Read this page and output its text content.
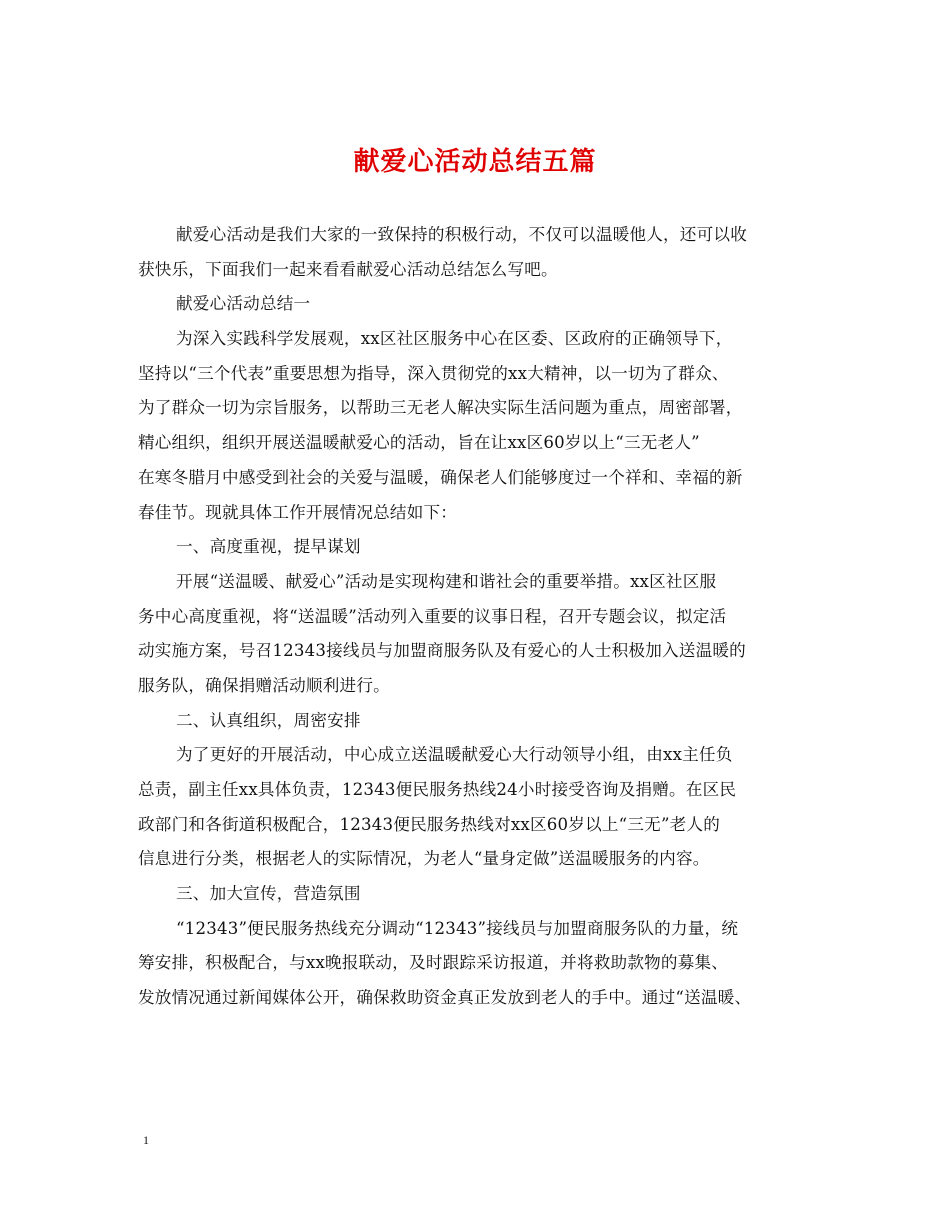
献爱心活动总结五篇
献爱心活动是我们大家的一致保持的积极行动，不仅可以温暖他人，还可以收
获快乐，下面我们一起来看看献爱心活动总结怎么写吧。
献爱心活动总结一
为深入实践科学发展观，xx区社区服务中心在区委、区政府的正确领导下，
坚持以“三个代表”重要思想为指导，深入贯彻党的xx大精神，以一切为了群众、
为了群众一切为宗旨服务，以帮助三无老人解决实际生活问题为重点，周密部署，
精心组织，组织开展送温暖献爱心的活动，旨在让xx区60岁以上“三无老人”
在寒冬腊月中感受到社会的关爱与温暖，确保老人们能够度过一个祥和、幸福的新
春佳节。现就具体工作开展情况总结如下：
一、高度重视，提早谋划
开展“送温暖、献爱心”活动是实现构建和谐社会的重要举措。xx区社区服
务中心高度重视，将“送温暖”活动列入重要的议事日程，召开专题会议，拟定活
动实施方案，号召12343接线员与加盟商服务队及有爱心的人士积极加入送温暖的
服务队，确保捐赠活动顺利进行。
二、认真组织，周密安排
为了更好的开展活动，中心成立送温暖献爱心大行动领导小组，由xx主任负
总责，副主任xx具体负责，12343便民服务热线24小时接受咨询及捐赠。在区民
政部门和各街道积极配合，12343便民服务热线对xx区60岁以上“三无”老人的
信息进行分类，根据老人的实际情况，为老人“量身定做”送温暖服务的内容。
三、加大宣传，营造氛围
“12343”便民服务热线充分调动“12343”接线员与加盟商服务队的力量，统
筹安排，积极配合，与xx晚报联动，及时跟踪采访报道，并将救助款物的募集、
发放情况通过新闻媒体公开，确保救助资金真正发放到老人的手中。通过“送温暖、
1
